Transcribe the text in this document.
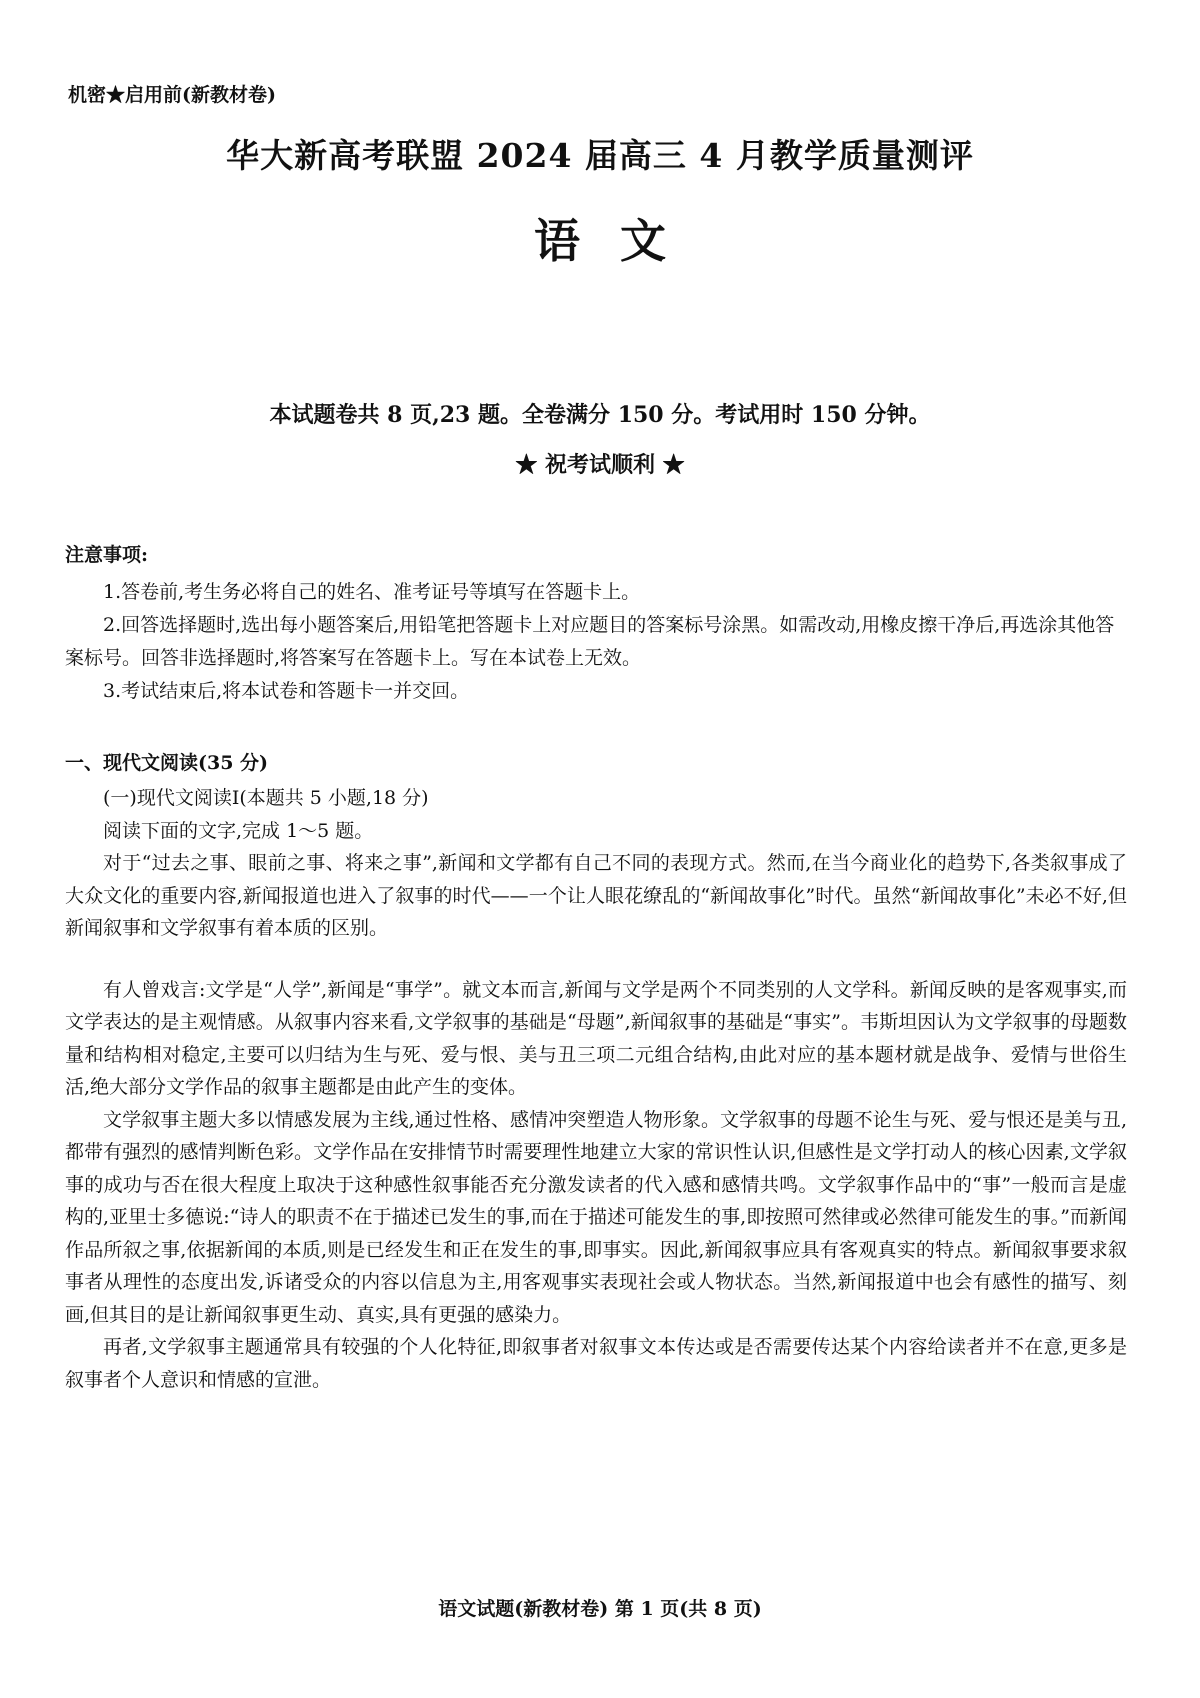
机密★启用前(新教材卷)
华大新高考联盟 2024 届高三 4 月教学质量测评
语文
本试题卷共 8 页,23 题。全卷满分 150 分。考试用时 150 分钟。
★ 祝考试顺利 ★
注意事项:

1.答卷前,考生务必将自己的姓名、准考证号等填写在答题卡上。

2.回答选择题时,选出每小题答案后,用铅笔把答题卡上对应题目的答案标号涂黑。如需改动,用橡皮擦干净后,再选涂其他答案标号。回答非选择题时,将答案写在答题卡上。写在本试卷上无效。

3.考试结束后,将本试卷和答题卡一并交回。

一、现代文阅读(35 分)

(一)现代文阅读Ⅰ(本题共 5 小题,18 分)

阅读下面的文字,完成 1～5 题。

对于“过去之事、眼前之事、将来之事”,新闻和文学都有自己不同的表现方式。然而,在当今商业化的趋势下,各类叙事成了大众文化的重要内容,新闻报道也进入了叙事的时代——一个让人眼花缭乱的“新闻故事化”时代。虽然“新闻故事化”未必不好,但新闻叙事和文学叙事有着本质的区别。

有人曾戏言:文学是“人学”,新闻是“事学”。就文本而言,新闻与文学是两个不同类别的人文学科。新闻反映的是客观事实,而文学表达的是主观情感。从叙事内容来看,文学叙事的基础是“母题”,新闻叙事的基础是“事实”。韦斯坦因认为文学叙事的母题数量和结构相对稳定,主要可以归结为生与死、爱与恨、美与丑三项二元组合结构,由此对应的基本题材就是战争、爱情与世俗生活,绝大部分文学作品的叙事主题都是由此产生的变体。

文学叙事主题大多以情感发展为主线,通过性格、感情冲突塑造人物形象。文学叙事的母题不论生与死、爱与恨还是美与丑,都带有强烈的感情判断色彩。文学作品在安排情节时需要理性地建立大家的常识性认识,但感性是文学打动人的核心因素,文学叙事的成功与否在很大程度上取决于这种感性叙事能否充分激发读者的代入感和感情共鸣。文学叙事作品中的“事”一般而言是虚构的,亚里士多德说:“诗人的职责不在于描述已发生的事,而在于描述可能发生的事,即按照可然律或必然律可能发生的事。”而新闻作品所叙之事,依据新闻的本质,则是已经发生和正在发生的事,即事实。因此,新闻叙事应具有客观真实的特点。新闻叙事要求叙事者从理性的态度出发,诉诸受众的内容以信息为主,用客观事实表现社会或人物状态。当然,新闻报道中也会有感性的描写、刻画,但其目的是让新闻叙事更生动、真实,具有更强的感染力。

再者,文学叙事主题通常具有较强的个人化特征,即叙事者对叙事文本传达或是否需要传达某个内容给读者并不在意,更多是叙事者个人意识和情感的宣泄。

语文试题(新教材卷) 第 1 页(共 8 页)
